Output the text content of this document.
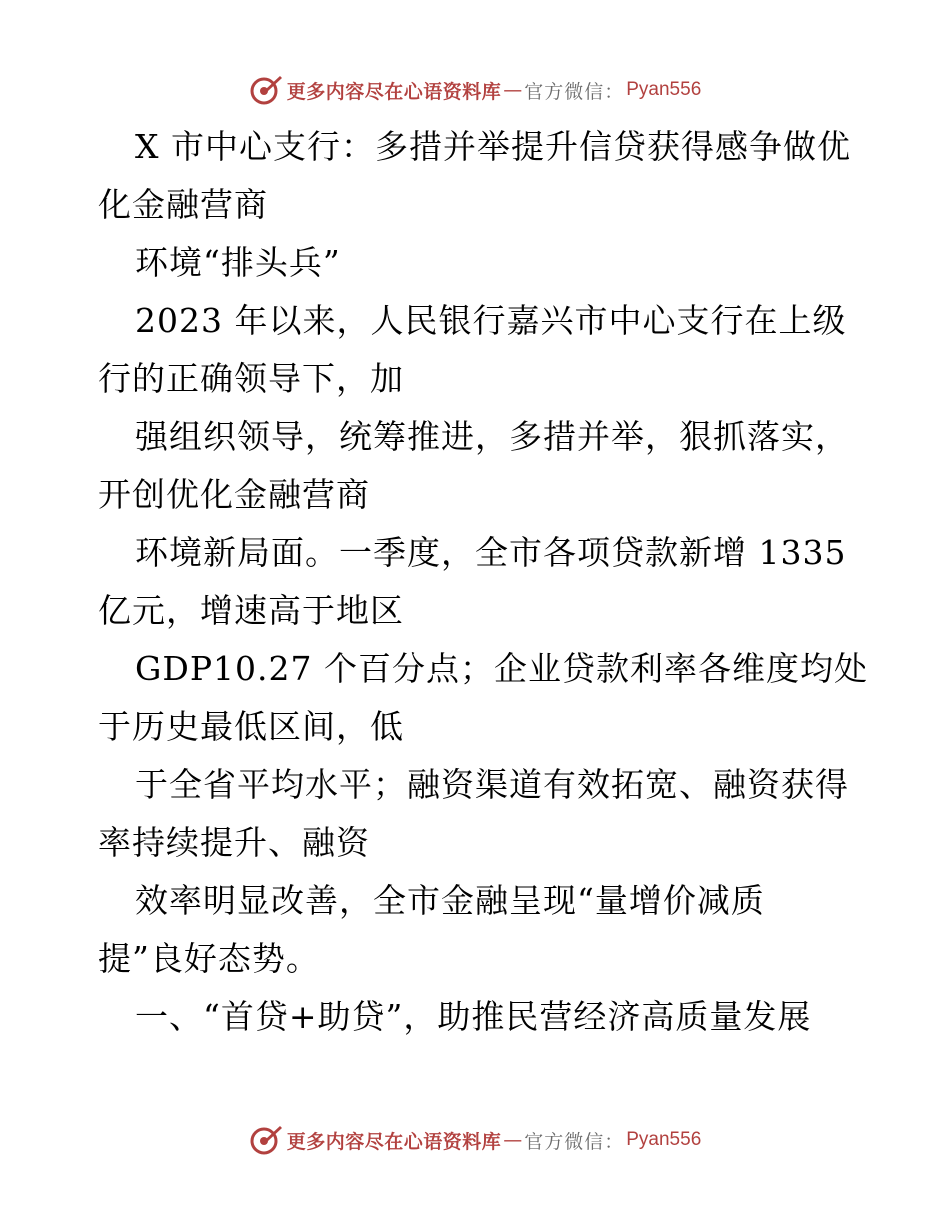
更多内容尽在心语资料库 — 官方微信： Pyan556
X 市中心支行：多措并举提升信贷获得感争做优
化金融营商
环境“排头兵”
2023 年以来，人民银行嘉兴市中心支行在上级
行的正确领导下，加
强组织领导，统筹推进，多措并举，狠抓落实，
开创优化金融营商
环境新局面。一季度，全市各项贷款新增 1335
亿元，增速高于地区
GDP10.27 个百分点；企业贷款利率各维度均处
于历史最低区间，低
于全省平均水平；融资渠道有效拓宽、融资获得
率持续提升、融资
效率明显改善，全市金融呈现“量增价减质
提”良好态势。
一、“首贷+助贷”，助推民营经济高质量发展
更多内容尽在心语资料库 — 官方微信： Pyan556
